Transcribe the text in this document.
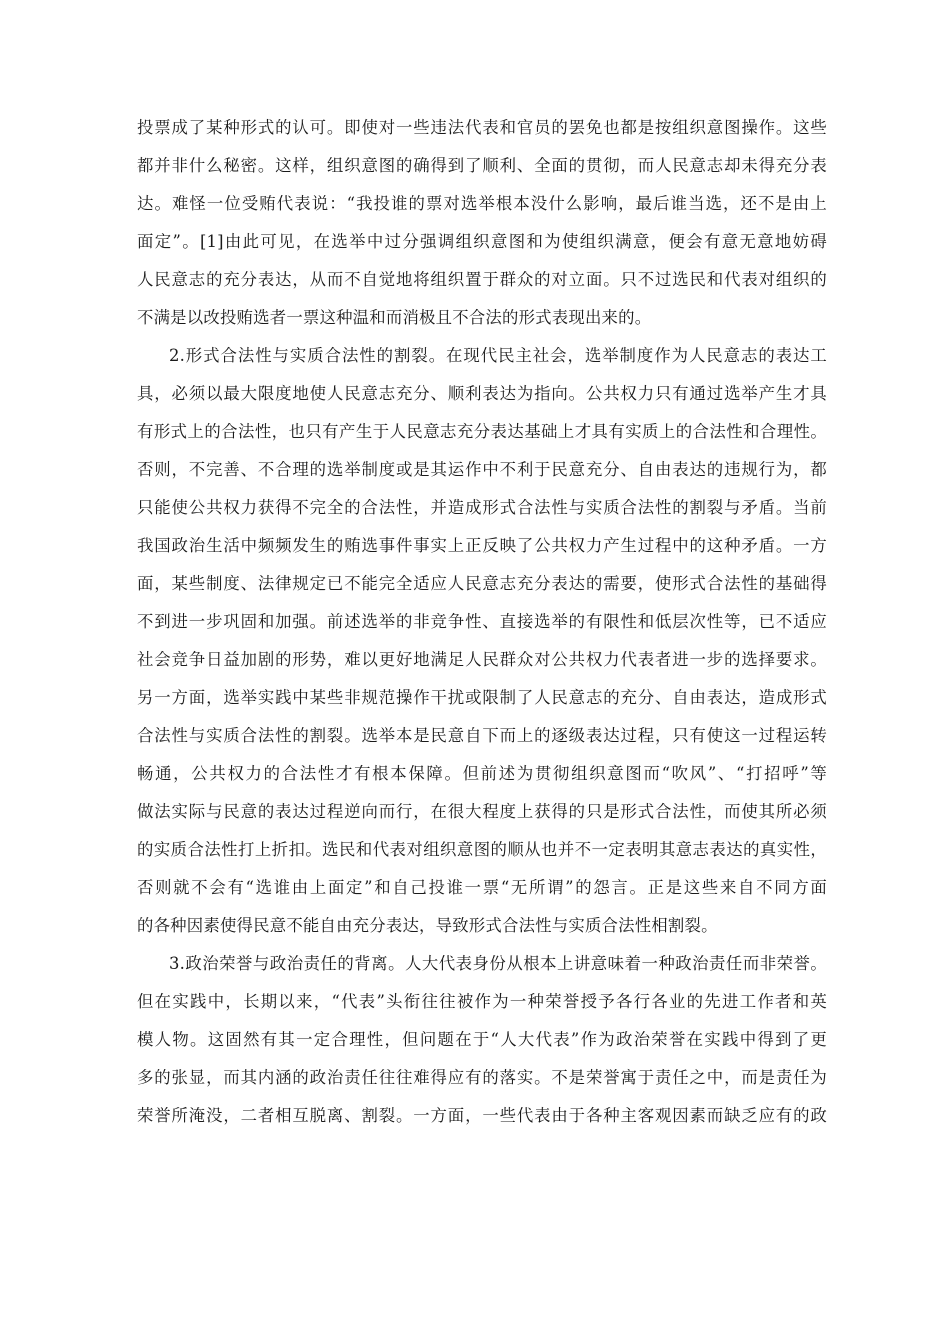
投票成了某种形式的认可。即使对一些违法代表和官员的罢免也都是按组织意图操作。这些
都并非什么秘密。这样，组织意图的确得到了顺利、全面的贯彻，而人民意志却未得充分表
达。难怪一位受贿代表说：“我投谁的票对选举根本没什么影响，最后谁当选，还不是由上
面定”。[1]由此可见，在选举中过分强调组织意图和为使组织满意，便会有意无意地妨碍
人民意志的充分表达，从而不自觉地将组织置于群众的对立面。只不过选民和代表对组织的
不满是以改投贿选者一票这种温和而消极且不合法的形式表现出来的。
2.形式合法性与实质合法性的割裂。在现代民主社会，选举制度作为人民意志的表达工
具，必须以最大限度地使人民意志充分、顺利表达为指向。公共权力只有通过选举产生才具
有形式上的合法性，也只有产生于人民意志充分表达基础上才具有实质上的合法性和合理性。
否则，不完善、不合理的选举制度或是其运作中不利于民意充分、自由表达的违规行为，都
只能使公共权力获得不完全的合法性，并造成形式合法性与实质合法性的割裂与矛盾。当前
我国政治生活中频频发生的贿选事件事实上正反映了公共权力产生过程中的这种矛盾。一方
面，某些制度、法律规定已不能完全适应人民意志充分表达的需要，使形式合法性的基础得
不到进一步巩固和加强。前述选举的非竞争性、直接选举的有限性和低层次性等，已不适应
社会竞争日益加剧的形势，难以更好地满足人民群众对公共权力代表者进一步的选择要求。
另一方面，选举实践中某些非规范操作干扰或限制了人民意志的充分、自由表达，造成形式
合法性与实质合法性的割裂。选举本是民意自下而上的逐级表达过程，只有使这一过程运转
畅通，公共权力的合法性才有根本保障。但前述为贯彻组织意图而“吹风”、“打招呼”等
做法实际与民意的表达过程逆向而行，在很大程度上获得的只是形式合法性，而使其所必须
的实质合法性打上折扣。选民和代表对组织意图的顺从也并不一定表明其意志表达的真实性，
否则就不会有“选谁由上面定”和自己投谁一票“无所谓”的怨言。正是这些来自不同方面
的各种因素使得民意不能自由充分表达，导致形式合法性与实质合法性相割裂。
3.政治荣誉与政治责任的背离。人大代表身份从根本上讲意味着一种政治责任而非荣誉。
但在实践中，长期以来，“代表”头衔往往被作为一种荣誉授予各行各业的先进工作者和英
模人物。这固然有其一定合理性，但问题在于“人大代表”作为政治荣誉在实践中得到了更
多的张显，而其内涵的政治责任往往难得应有的落实。不是荣誉寓于责任之中，而是责任为
荣誉所淹没，二者相互脱离、割裂。一方面，一些代表由于各种主客观因素而缺乏应有的政
